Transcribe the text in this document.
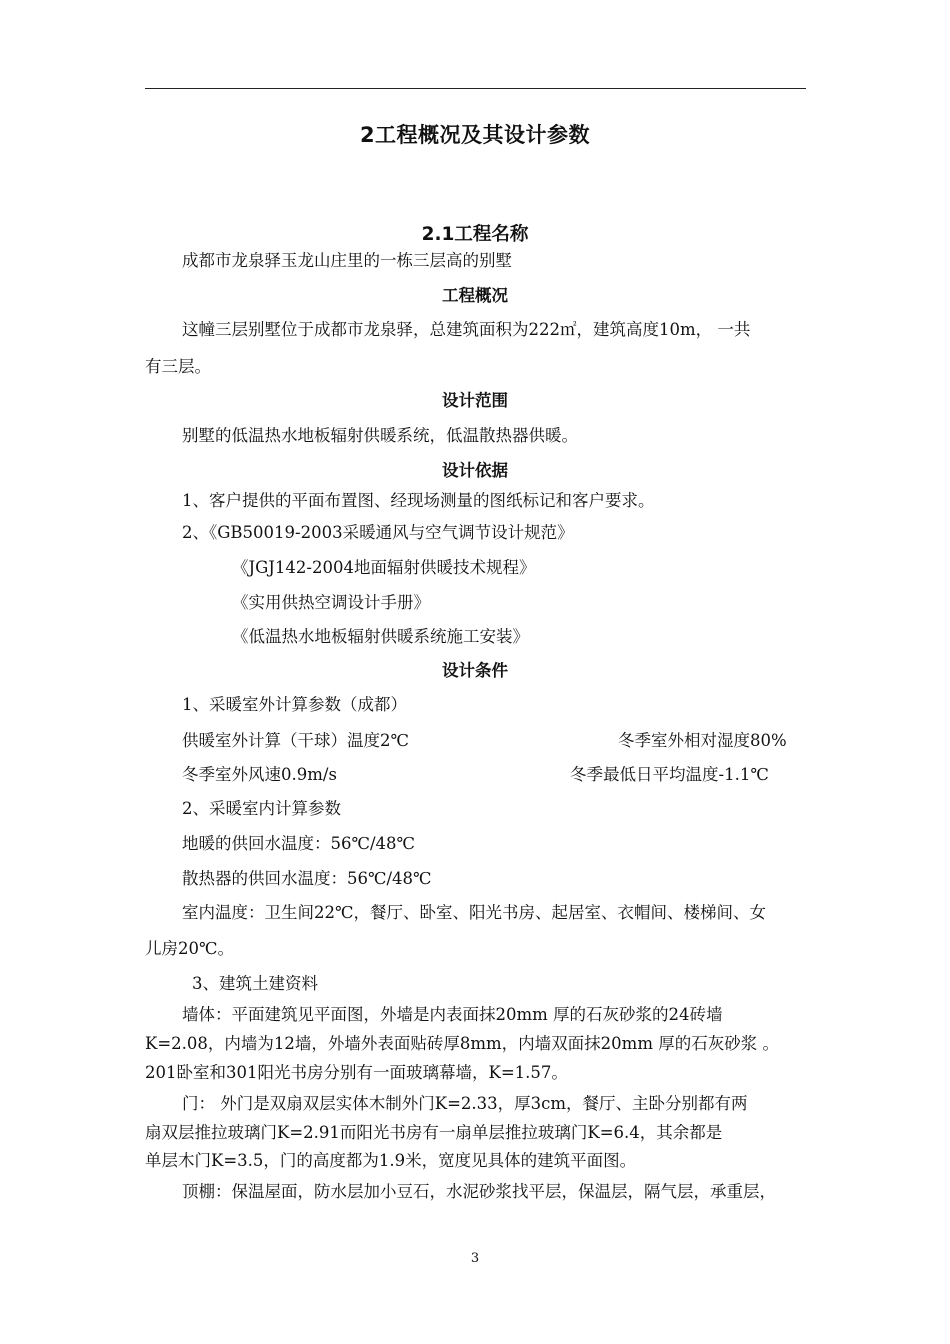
2工程概况及其设计参数
2.1工程名称
成都市龙泉驿玉龙山庄里的一栋三层高的别墅
工程概况
这幢三层别墅位于成都市龙泉驿，总建筑面积为222㎡，建筑高度10m， 一共
有三层。
设计范围
别墅的低温热水地板辐射供暖系统，低温散热器供暖。
设计依据
1、客户提供的平面布置图、经现场测量的图纸标记和客户要求。
2、《GB50019-2003采暖通风与空气调节设计规范》
《JGJ142-2004地面辐射供暖技术规程》
《实用供热空调设计手册》
《低温热水地板辐射供暖系统施工安装》
设计条件
1、采暖室外计算参数（成都）
供暖室外计算（干球）温度2℃	冬季室外相对湿度80%
冬季室外风速0.9m/s	冬季最低日平均温度-1.1℃
2、采暖室内计算参数
地暖的供回水温度：56℃/48℃
散热器的供回水温度：56℃/48℃
室内温度：卫生间22℃，餐厅、卧室、阳光书房、起居室、衣帽间、楼梯间、女
儿房20℃。
3、建筑土建资料
墙体：平面建筑见平面图，外墙是内表面抹20mm 厚的石灰砂浆的24砖墙
K=2.08，内墙为12墙，外墙外表面贴砖厚8mm，内墙双面抹20mm 厚的石灰砂浆 。
201卧室和301阳光书房分别有一面玻璃幕墙，K=1.57。
门： 外门是双扇双层实体木制外门K=2.33，厚3cm，餐厅、主卧分别都有两
扇双层推拉玻璃门K=2.91而阳光书房有一扇单层推拉玻璃门K=6.4，其余都是
单层木门K=3.5，门的高度都为1.9米，宽度见具体的建筑平面图。
顶棚：保温屋面，防水层加小豆石，水泥砂浆找平层，保温层，隔气层，承重层，
3
